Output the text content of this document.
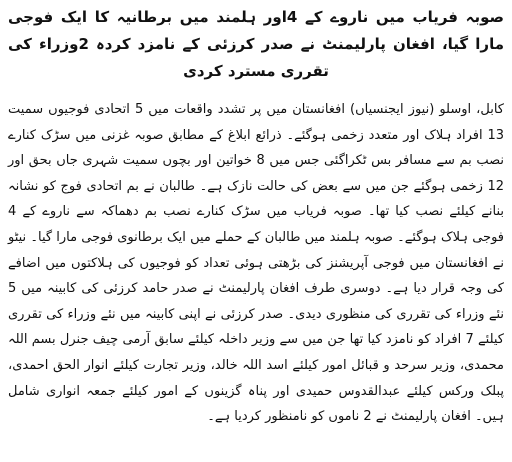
صوبہ فریاب میں ناروے کے 4اور ہلمند میں برطانیہ کا ایک فوجی مارا گیا، افغان پارلیمنٹ نے صدر کرزئی کے نامزد کردہ 2وزراء کی تقرری مسترد کردی

کابل، اوسلو (نیوز ایجنسیاں) افغانستان میں پر تشدد واقعات میں 5 اتحادی فوجیوں سمیت 13 افراد ہلاک اور متعدد زخمی ہوگئے۔ ذرائع ابلاغ کے مطابق صوبہ غزنی میں سڑک کنارے نصب بم سے مسافر بس ٹکراگئی جس میں 8 خواتین اور بچوں سمیت شہری جاں بحق اور 12 زخمی ہوگئے جن میں سے بعض کی حالت نازک ہے۔ طالبان نے بم اتحادی فوج کو نشانہ بنانے کیلئے نصب کیا تھا۔ صوبہ فریاب میں سڑک کنارے نصب بم دھماکہ سے ناروے کے 4 فوجی ہلاک ہوگئے۔ صوبہ ہلمند میں طالبان کے حملے میں ایک برطانوی فوجی مارا گیا۔ نیٹو نے افغانستان میں فوجی آپریشنز کی بڑھتی ہوئی تعداد کو فوجیوں کی ہلاکتوں میں اضافے کی وجہ قرار دیا ہے۔ دوسری طرف افغان پارلیمنٹ نے صدر حامد کرزئی کی کابینہ میں 5 نئے وزراء کی تقرری کی منظوری دیدی۔ صدر کرزئی نے اپنی کابینہ میں نئے وزراء کی تقرری کیلئے 7 افراد کو نامزد کیا تھا جن میں سے وزیر داخلہ کیلئے سابق آرمی چیف جنرل بسم اللہ محمدی، وزیر سرحد و قبائل امور کیلئے اسد اللہ خالد، وزیر تجارت کیلئے انوار الحق احمدی، پبلک ورکس کیلئے عبدالقدوس حمیدی اور پناہ گزینوں کے امور کیلئے جمعہ انواری شامل ہیں۔ افغان پارلیمنٹ نے 2 ناموں کو نامنظور کردیا ہے۔
